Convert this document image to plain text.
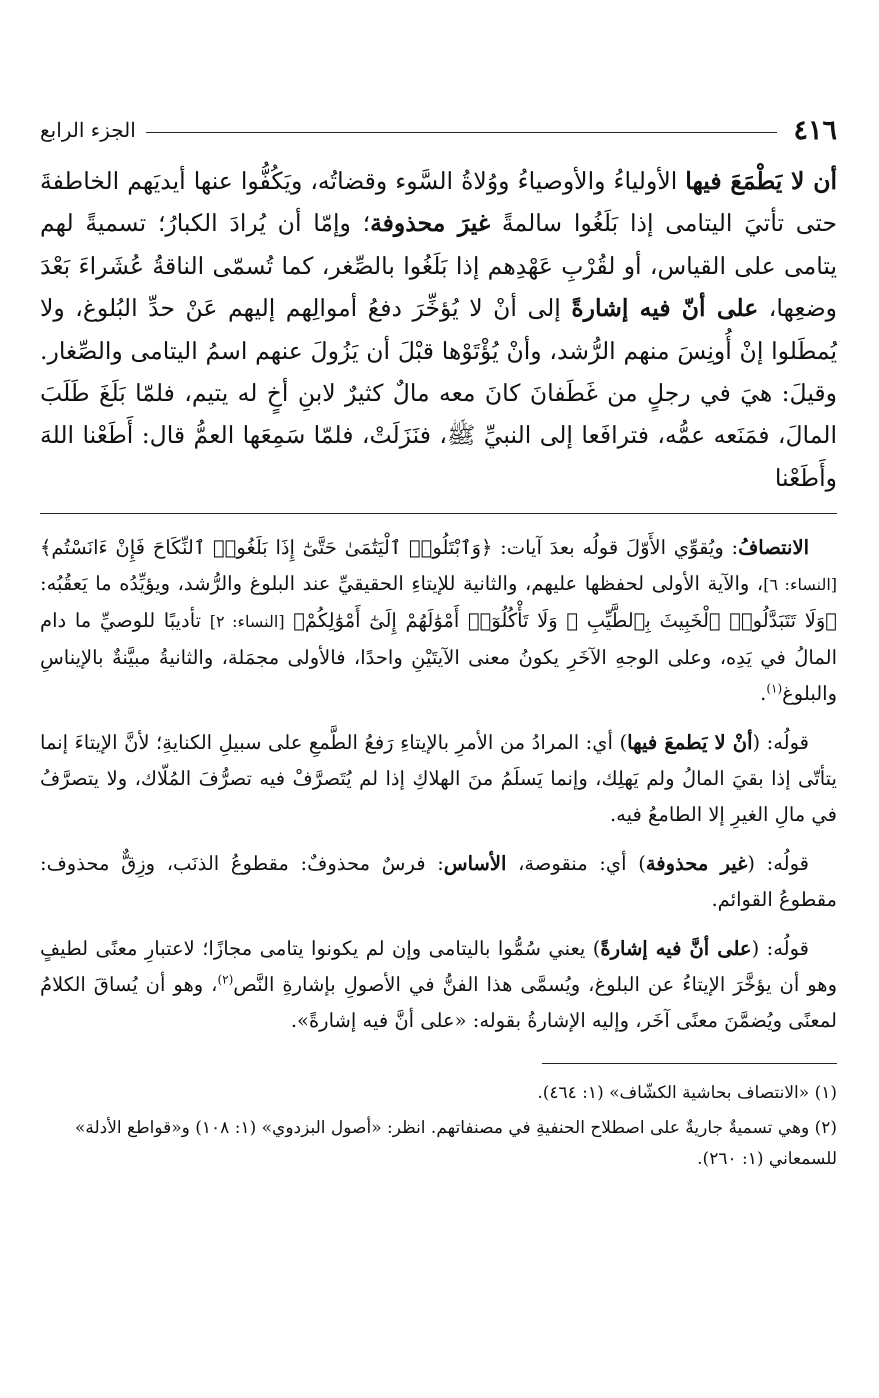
٤١٦
الجزء الرابع
أن لا يَطْمَعَ فيها الأولياءُ والأوصياءُ ووُلاةُ السَّوء وقضاتُه، ويَكُفُّوا عنها أيديَهم الخاطفةَ حتى تأتيَ اليتامى إذا بَلَغُوا سالمةً غيرَ محذوفة؛ وإمّا أن يُرادَ الكبارُ؛ تسميةً لهم يتامى على القياس، أو لقُرْبِ عَهْدِهم إذا بَلَغُوا بالصِّغر، كما تُسمّى الناقةُ عُشَراءَ بَعْدَ وضعِها، على أنّ فيه إشارةً إلى أنْ لا يُؤخِّرَ دفعُ أموالِهم إليهم عَنْ حدِّ البُلوغ، ولا يُمطَلوا إنْ أُونِسَ منهم الرُّشد، وأنْ يُؤْتَوْها قبْلَ أن يَزُولَ عنهم اسمُ اليتامى والصِّغار. وقيلَ: هيَ في رجلٍ من غَطَفانَ كانَ معه مالٌ كثيرٌ لابنِ أخٍ له يتيم، فلمّا بَلَغَ طَلَبَ المالَ، فمَنَعه عمُّه، فترافَعا إلى النبيِّ ﷺ، فنَزَلَتْ، فلمّا سَمِعَها العمُّ قال: أَطَعْنا اللهَ وأَطَعْنا

الانتصافُ: ويُقوِّي الأَوّلَ قولُه بعدَ آيات: ﴿وَٱبْتَلُوا۟ ٱلْيَتَٰمَىٰ حَتَّىٰٓ إِذَا بَلَغُوا۟ ٱلنِّكَاحَ فَإِنْ ءَانَسْتُم﴾ [النساء: ٦]، والآية الأولى لحفظها عليهم، والثانية للإيتاءِ الحقيقيِّ عند البلوغ والرُّشد، ويؤيِّدُه ما يَعقُبُه: ﴿وَلَا تَتَبَدَّلُوا۟ ٱلْخَبِيثَ بِٱلطَّيِّبِ ۖ وَلَا تَأْكُلُوٓا۟ أَمْوَٰلَهُمْ إِلَىٰٓ أَمْوَٰلِكُمْ﴾ [النساء: ٢] تأديبًا للوصيِّ ما دام المالُ في يَدِه، وعلى الوجهِ الآخَرِ يكونُ معنى الآيتَيْنِ واحدًا، فالأولى مجمَلة، والثانيةُ مبيَّنةٌ بالإيناسِ والبلوغ$^{(١)}$.

قولُه: (أنْ لا يَطمعَ فيها) أي: المرادُ من الأمرِ بالإيتاءِ رَفعُ الطَّمعِ على سبيلِ الكنايةِ؛ لأنَّ الإيتاءَ إنما يتأتّى إذا بقيَ المالُ ولم يَهلِك، وإنما يَسلَمُ منَ الهلاكِ إذا لم يُتَصرَّفْ فيه تصرُّفَ المُلّاك، ولا يتصرَّفُ في مالِ الغيرِ إلا الطامعُ فيه.

قولُه: (غير محذوفة) أي: منقوصة، الأساس: فرسٌ محذوفٌ: مقطوعُ الذنَب، وزِقٌّ محذوف: مقطوعُ القوائم.

قولُه: (على أنَّ فيه إشارةً) يعني سُمُّوا باليتامى وإن لم يكونوا يتامى مجازًا؛ لاعتبارِ معنًى لطيفٍ وهو أن يؤخَّرَ الإيتاءُ عن البلوغ، ويُسمَّى هذا الفنُّ في الأصولِ بإشارةِ النَّص$^{(٢)}$، وهو أن يُساقَ الكلامُ لمعنًى ويُضمَّنَ معنًى آخَر، وإليه الإشارةُ بقوله: «على أنَّ فيه إشارةً».

(١) «الانتصاف بحاشية الكشّاف» (١: ٤٦٤).

(٢) وهي تسميةٌ جاريةٌ على اصطلاح الحنفيةِ في مصنفاتهم. انظر: «أصول البزدوي» (١: ١٠٨) و«قواطع الأدلة» للسمعاني (١: ٢٦٠).
